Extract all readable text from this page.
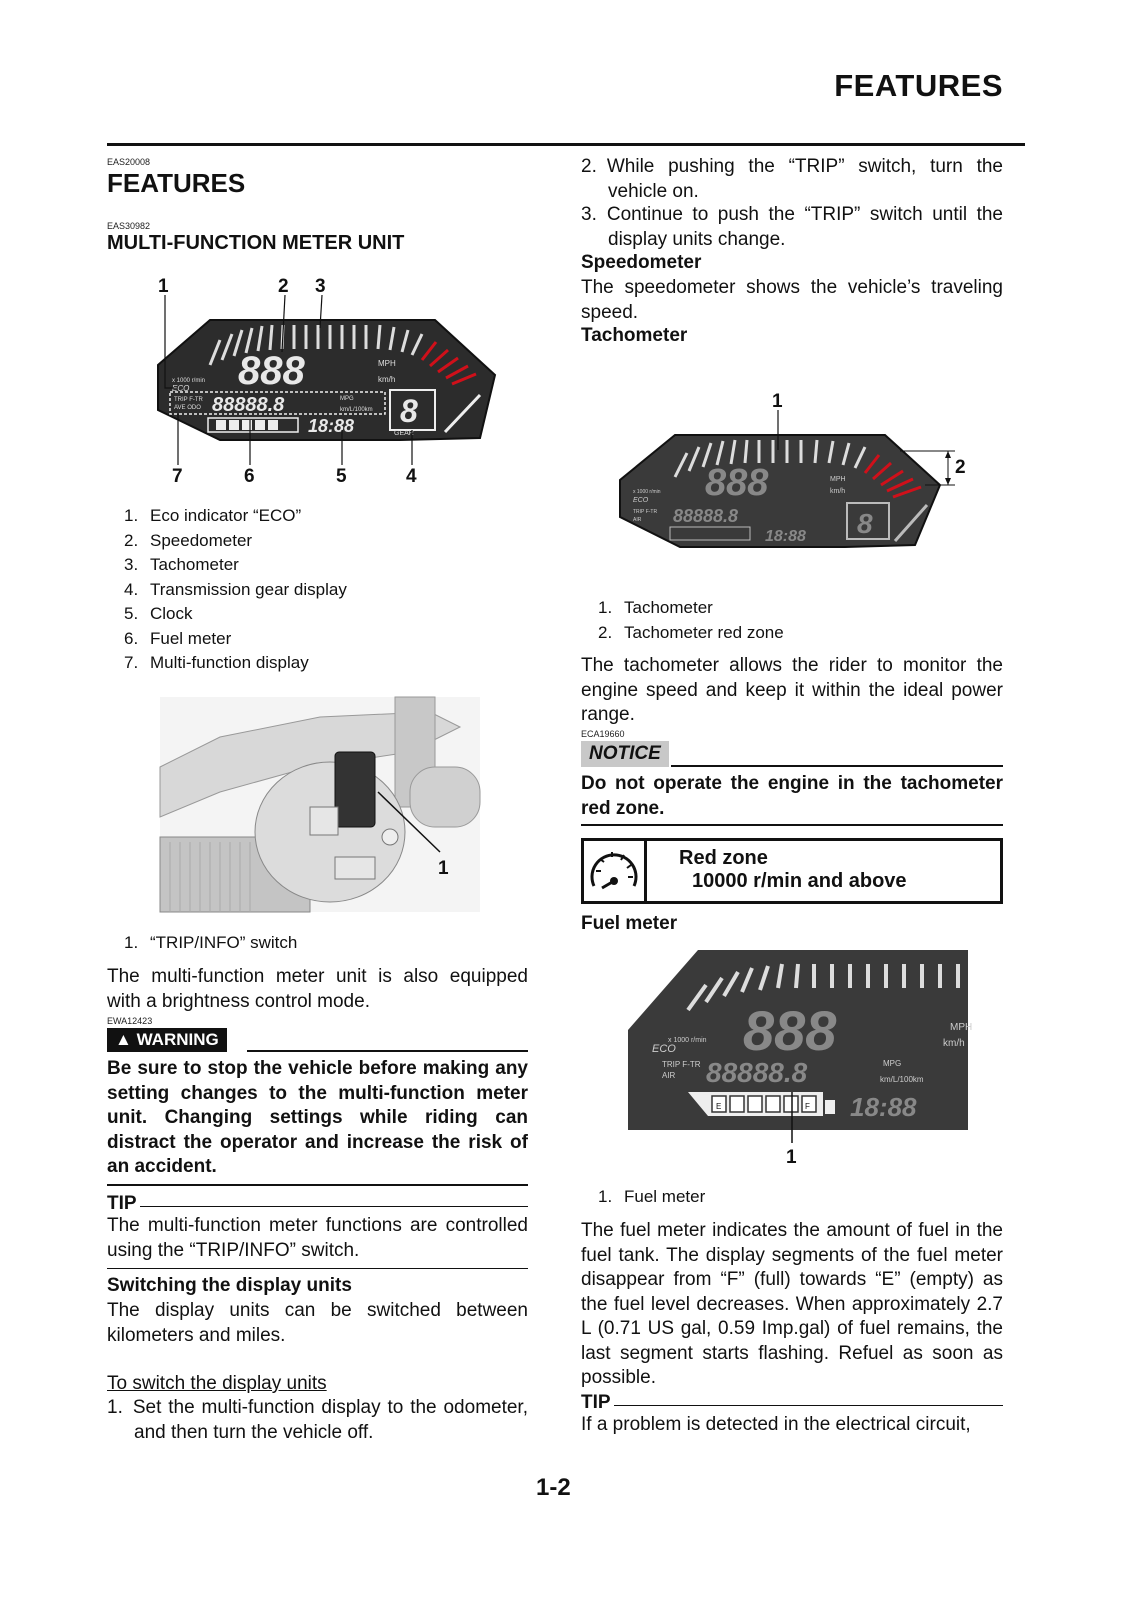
FEATURES
EAS20008
FEATURES
EAS30982
MULTI-FUNCTION METER UNIT
888	MPH
km/h
x 1000 r/min
ECO
TRIP F-TR
AVE ODO 88888.8	MPG
km/L/100km
18:88 8
GEAR
1	2 3
4
5
6
7
1. Eco indicator “ECO”
2. Speedometer
3. Tachometer
4. Transmission gear display
5. Clock
6. Fuel meter
7. Multi-function display
1
1. “TRIP/INFO” switch
The multi-function meter unit is also equipped with a brightness control mode.
EWA12423
▲ WARNING
Be sure to stop the vehicle before making any setting changes to the multi-function meter unit. Changing settings while riding can distract the operator and increase the risk of an accident.
TIP
The multi-function meter functions are controlled using the “TRIP/INFO” switch.
Switching the display units
The display units can be switched between kilometers and miles.
To switch the display units
1. Set the multi-function display to the odometer, and then turn the vehicle off.
2. While pushing the “TRIP” switch, turn the vehicle on.
3. Continue to push the “TRIP” switch until the display units change.
Speedometer
The speedometer shows the vehicle’s traveling speed.
Tachometer
888	MPH
km/h
x 1000 r/min
ECO
TRIP F-TR
AIR 88888.8
18:88 8
1
2
1. Tachometer
2. Tachometer red zone
The tachometer allows the rider to monitor the engine speed and keep it within the ideal power range.
ECA19660
NOTICE
Do not operate the engine in the tachometer red zone.
Red zone
10000 r/min and above
Fuel meter
888	MPH
km/h
x 1000 r/min
ECO
TRIP F-TR
AIR 88888.8	MPG
km/L/100km
E	F 18:88
1
1. Fuel meter
The fuel meter indicates the amount of fuel in the fuel tank. The display segments of the fuel meter disappear from “F” (full) towards “E” (empty) as the fuel level decreases. When approximately 2.7 L (0.71 US gal, 0.59 Imp.gal) of fuel remains, the last segment starts flashing. Refuel as soon as possible.
TIP
If a problem is detected in the electrical circuit,
1-2
